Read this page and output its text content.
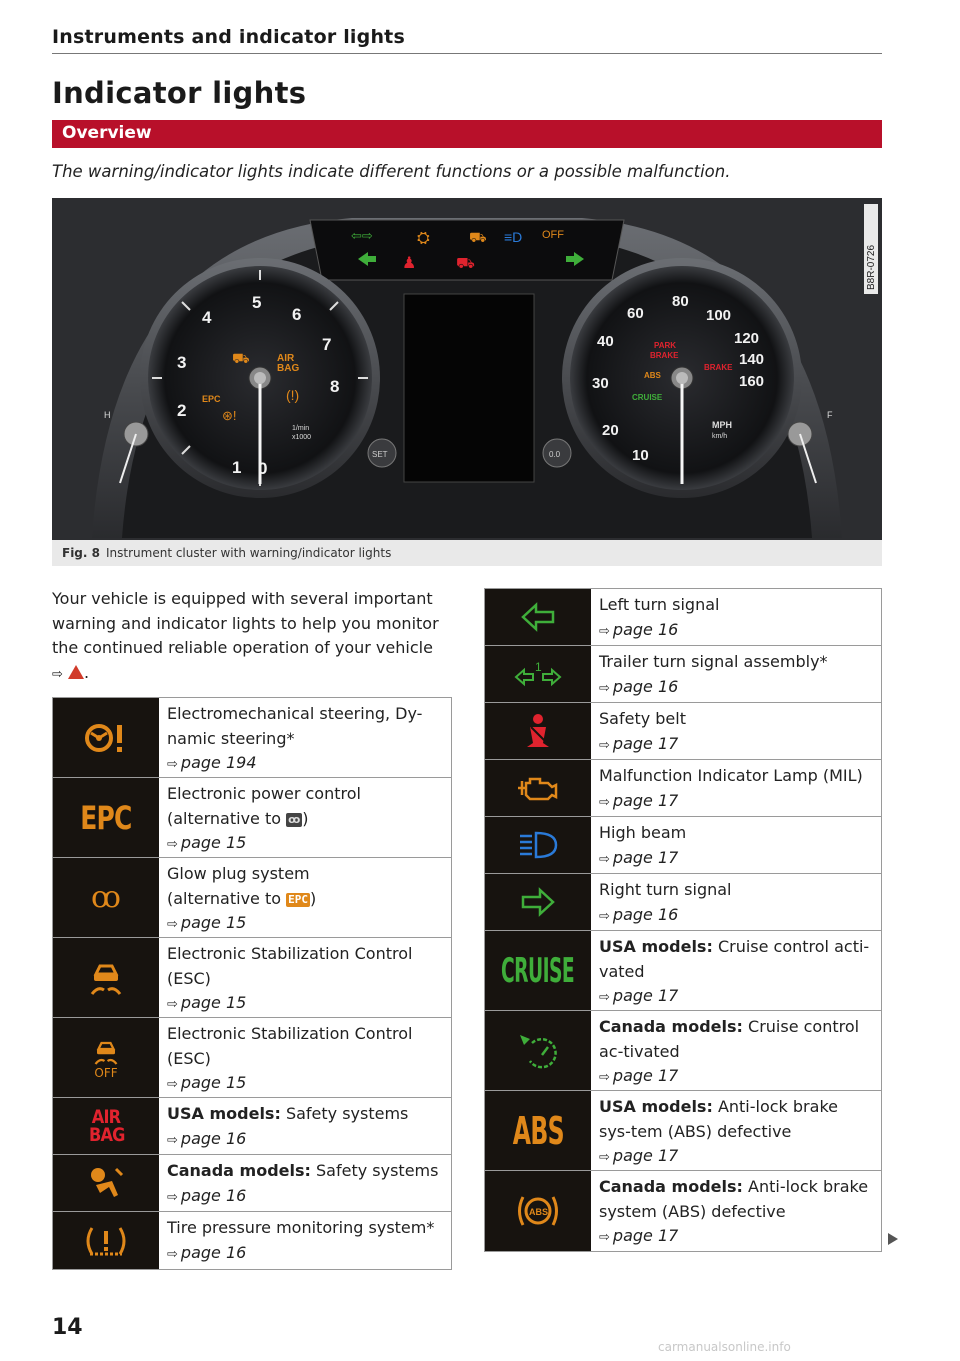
Instruments and indicator lights
Indicator lights
Overview
The warning/indicator lights indicate different functions or a possible malfunction.
⇦⇨	⛭	⛟ ≡D OFF
♟	⛟
1
2
3
4
5
6
7
8
0
AIR
BAG
⛟
EPC
⊛!
(!)
1/min
x1000
H
10
20
30
40
60
80
100
120
140
160
PARK
BRAKE
ABS
BRAKE
CRUISE
MPH
km/h
F
SET	0.0
B8R-0726
Fig. 8 Instrument cluster with warning/indicator lights
Your vehicle is equipped with several important warning and indicator lights to help you monitor the continued reliable operation of your vehicle
⇨ .
Electromechanical steering, Dy-namic steering*
⇨ page 194
EPC
Electronic power control
(alternative to ꝏ )
⇨ page 15
ꝏ
Glow plug system
(alternative to EPC )
⇨ page 15
Electronic Stabilization Control
(ESC)
⇨ page 15
OFF
Electronic Stabilization Control
(ESC)
⇨ page 15
AIR BAG
USA models: Safety systems
⇨ page 16
Canada models: Safety systems
⇨ page 16
Tire pressure monitoring system*
⇨ page 16
Left turn signal
⇨ page 16
1	Trailer turn signal assembly*
⇨ page 16
Safety belt
⇨ page 17
Malfunction Indicator Lamp (MIL)
⇨ page 17
High beam
⇨ page 17
Right turn signal
⇨ page 16
CRUISE
USA models: Cruise control acti-vated
⇨ page 17
Canada models: Cruise control ac-tivated
⇨ page 17
ABS
USA models: Anti-lock brake sys-tem (ABS) defective
⇨ page 17
ABS
Canada models: Anti-lock brake system (ABS) defective
⇨ page 17
14
carmanualsonline.info
